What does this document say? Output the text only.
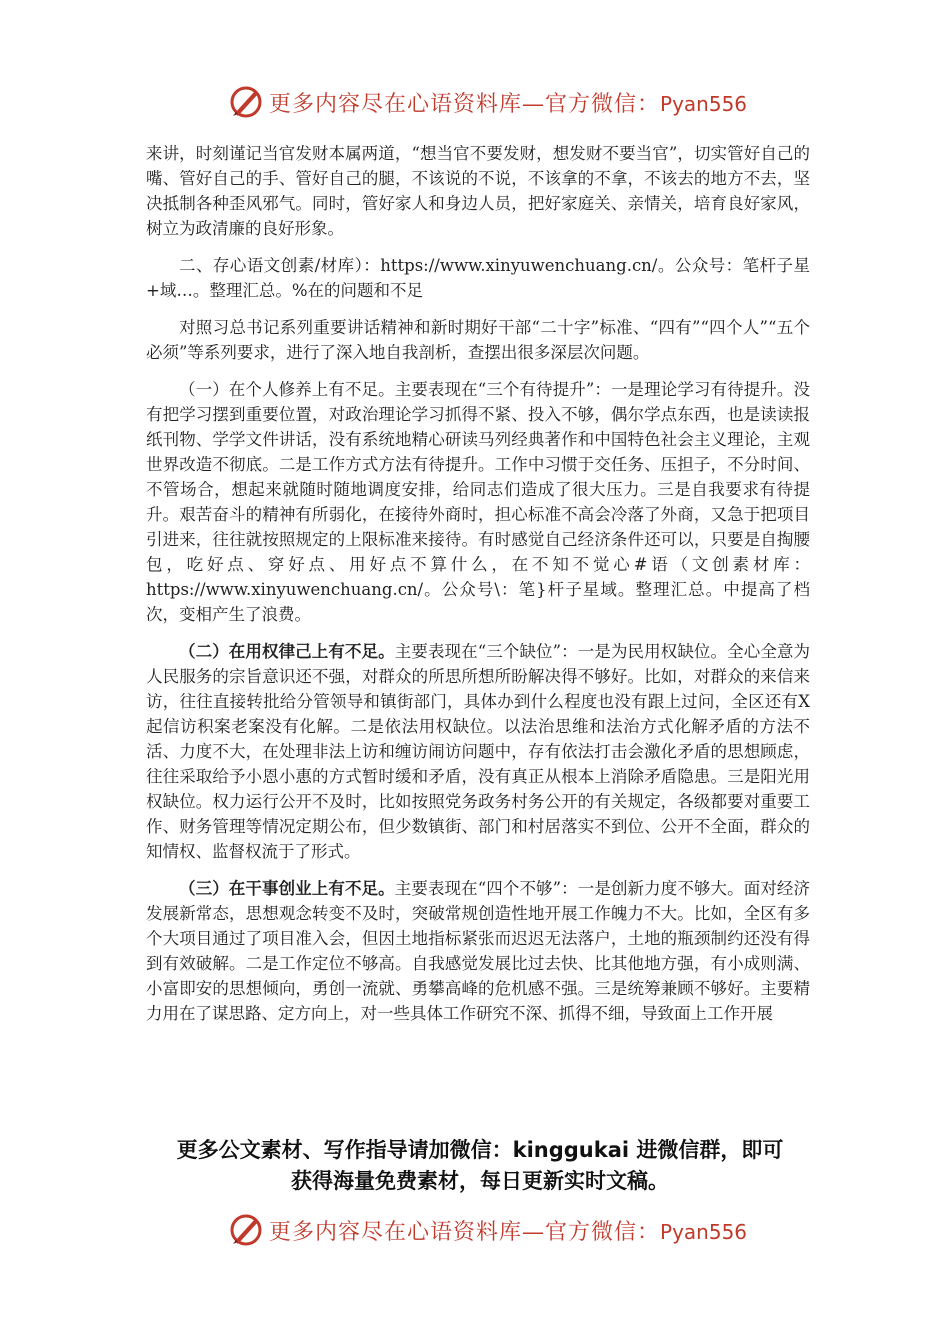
更多内容尽在心语资料库—官方微信：Pyan556

来讲，时刻谨记当官发财本属两道，“想当官不要发财，想发财不要当官”，切实管好自己的嘴、管好自己的手、管好自己的腿，不该说的不说，不该拿的不拿，不该去的地方不去，坚决抵制各种歪风邪气。同时，管好家人和身边人员，把好家庭关、亲情关，培育良好家风，树立为政清廉的良好形象。

二、存心语文创素/材库）：https://www.xinyuwenchuang.cn/。公众号：笔杆子星+域…。整理汇总。%在的问题和不足

对照习总书记系列重要讲话精神和新时期好干部“二十字”标准、“四有”“四个人”“五个必须”等系列要求，进行了深入地自我剖析，查摆出很多深层次问题。

（一）在个人修养上有不足。主要表现在“三个有待提升”：一是理论学习有待提升。没有把学习摆到重要位置，对政治理论学习抓得不紧、投入不够，偶尔学点东西，也是读读报纸刊物、学学文件讲话，没有系统地精心研读马列经典著作和中国特色社会主义理论，主观世界改造不彻底。二是工作方式方法有待提升。工作中习惯于交任务、压担子，不分时间、不管场合，想起来就随时随地调度安排，给同志们造成了很大压力。三是自我要求有待提升。艰苦奋斗的精神有所弱化，在接待外商时，担心标准不高会冷落了外商，又急于把项目引进来，往往就按照规定的上限标准来接待。有时感觉自己经济条件还可以，只要是自掏腰包，吃好点、穿好点、用好点不算什么，在不知不觉心#语（文创素材库：https://www.xinyuwenchuang.cn/。公众号\：笔}杆子星域。整理汇总。中提高了档次，变相产生了浪费。

（二）在用权律己上有不足。主要表现在“三个缺位”：一是为民用权缺位。全心全意为人民服务的宗旨意识还不强，对群众的所思所想所盼解决得不够好。比如，对群众的来信来访，往往直接转批给分管领导和镇街部门，具体办到什么程度也没有跟上过问，全区还有X起信访积案老案没有化解。二是依法用权缺位。以法治思维和法治方式化解矛盾的方法不活、力度不大，在处理非法上访和缠访闹访问题中，存有依法打击会激化矛盾的思想顾虑，往往采取给予小恩小惠的方式暂时缓和矛盾，没有真正从根本上消除矛盾隐患。三是阳光用权缺位。权力运行公开不及时，比如按照党务政务村务公开的有关规定，各级都要对重要工作、财务管理等情况定期公布，但少数镇街、部门和村居落实不到位、公开不全面，群众的知情权、监督权流于了形式。

（三）在干事创业上有不足。主要表现在“四个不够”：一是创新力度不够大。面对经济发展新常态，思想观念转变不及时，突破常规创造性地开展工作魄力不大。比如，全区有多个大项目通过了项目准入会，但因土地指标紧张而迟迟无法落户，土地的瓶颈制约还没有得到有效破解。二是工作定位不够高。自我感觉发展比过去快、比其他地方强，有小成则满、小富即安的思想倾向，勇创一流就、勇攀高峰的危机感不强。三是统筹兼顾不够好。主要精力用在了谋思路、定方向上，对一些具体工作研究不深、抓得不细，导致面上工作开展

更多公文素材、写作指导请加微信：kinggukai 进微信群，即可
获得海量免费素材，每日更新实时文稿。
更多内容尽在心语资料库—官方微信：Pyan556
